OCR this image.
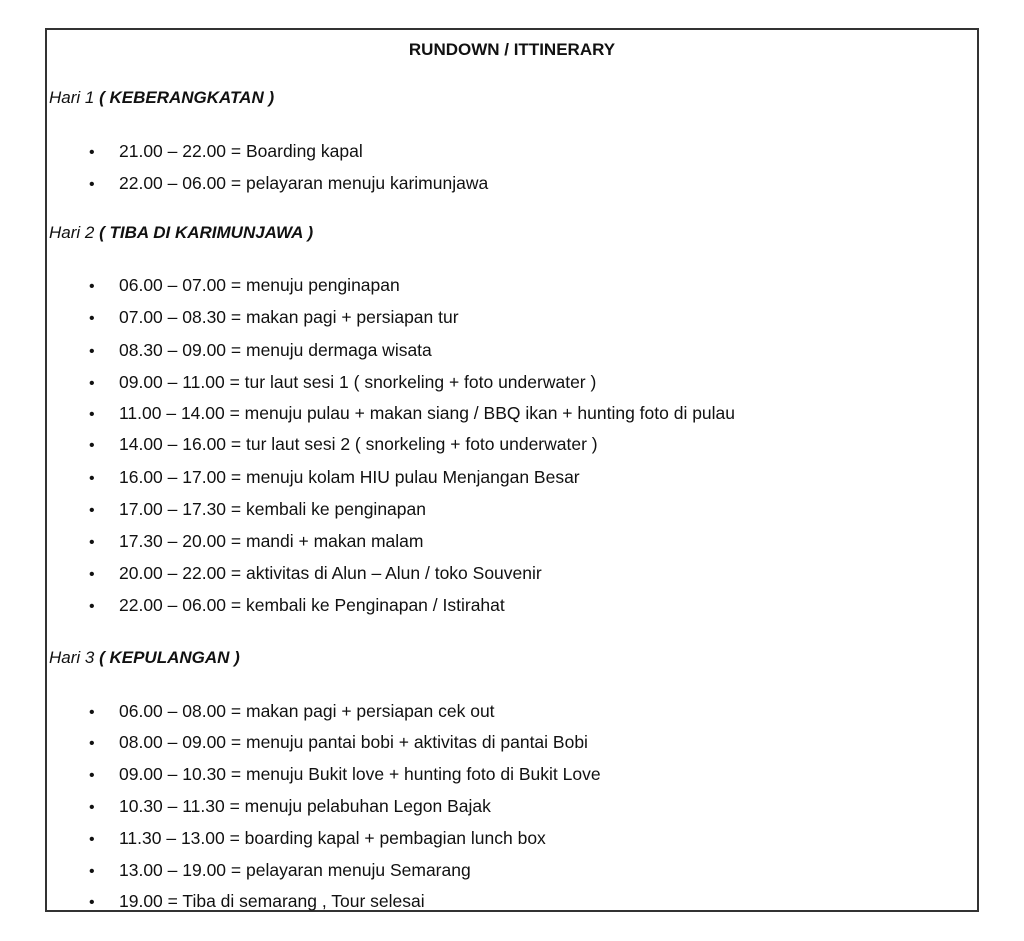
RUNDOWN / ITTINERARY
Hari 1 ( KEBERANGKATAN )
• 21.00 – 22.00 = Boarding kapal
• 22.00 – 06.00 = pelayaran menuju karimunjawa
Hari 2 ( TIBA DI KARIMUNJAWA )
• 06.00 – 07.00 = menuju penginapan
• 07.00 – 08.30 = makan pagi + persiapan tur
• 08.30 – 09.00 = menuju dermaga wisata
• 09.00 – 11.00 = tur laut sesi 1 ( snorkeling + foto underwater )
• 11.00 – 14.00 = menuju pulau + makan siang / BBQ ikan + hunting foto di pulau
• 14.00 – 16.00 = tur laut sesi 2 ( snorkeling + foto underwater )
• 16.00 – 17.00 = menuju kolam HIU pulau Menjangan Besar
• 17.00 – 17.30 = kembali ke penginapan
• 17.30 – 20.00 = mandi + makan malam
• 20.00 – 22.00 = aktivitas di Alun – Alun / toko Souvenir
• 22.00 – 06.00 = kembali ke Penginapan / Istirahat
Hari 3 ( KEPULANGAN )
• 06.00 – 08.00 = makan pagi + persiapan cek out
• 08.00 – 09.00 = menuju pantai bobi + aktivitas di pantai Bobi
• 09.00 – 10.30 = menuju Bukit love + hunting foto di Bukit Love
• 10.30 – 11.30 = menuju pelabuhan Legon Bajak
• 11.30 – 13.00 = boarding kapal + pembagian lunch box
• 13.00 – 19.00 = pelayaran menuju Semarang
• 19.00 = Tiba di semarang , Tour selesai
